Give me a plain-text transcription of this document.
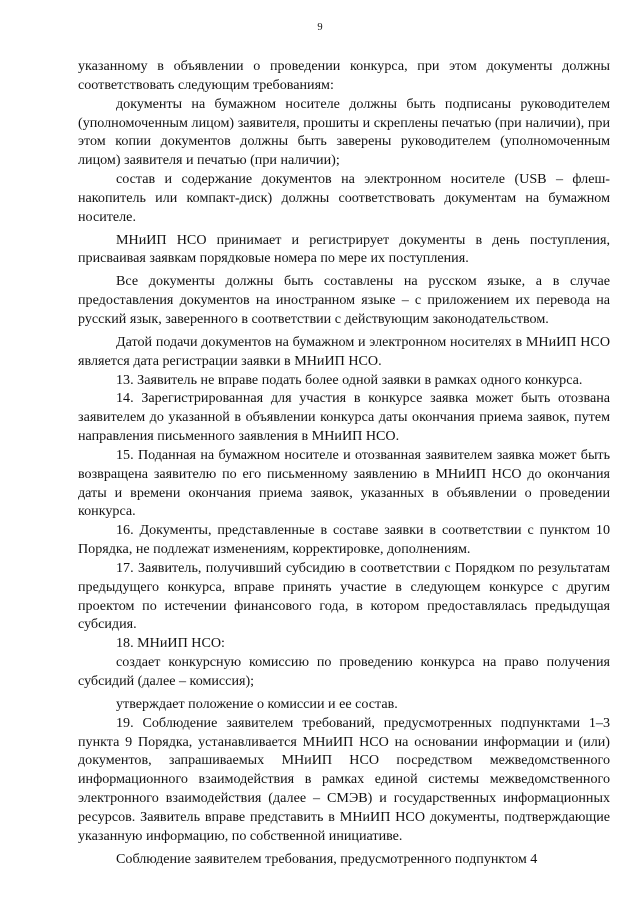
9

указанному в объявлении о проведении конкурса, при этом документы должны соответствовать следующим требованиям:

документы на бумажном носителе должны быть подписаны руководителем (уполномоченным лицом) заявителя, прошиты и скреплены печатью (при наличии), при этом копии документов должны быть заверены руководителем (уполномоченным лицом) заявителя и печатью (при наличии);

состав и содержание документов на электронном носителе (USB – флеш-накопитель или компакт-диск) должны соответствовать документам на бумажном носителе.

МНиИП НСО принимает и регистрирует документы в день поступления, присваивая заявкам порядковые номера по мере их поступления.

Все документы должны быть составлены на русском языке, а в случае предоставления документов на иностранном языке – с приложением их перевода на русский язык, заверенного в соответствии с действующим законодательством.

Датой подачи документов на бумажном и электронном носителях в МНиИП НСО является дата регистрации заявки в МНиИП НСО.

13. Заявитель не вправе подать более одной заявки в рамках одного конкурса.

14. Зарегистрированная для участия в конкурсе заявка может быть отозвана заявителем до указанной в объявлении конкурса даты окончания приема заявок, путем направления письменного заявления в МНиИП НСО.

15. Поданная на бумажном носителе и отозванная заявителем заявка может быть возвращена заявителю по его письменному заявлению в МНиИП НСО до окончания даты и времени окончания приема заявок, указанных в объявлении о проведении конкурса.

16. Документы, представленные в составе заявки в соответствии с пунктом 10 Порядка, не подлежат изменениям, корректировке, дополнениям.

17. Заявитель, получивший субсидию в соответствии с Порядком по результатам предыдущего конкурса, вправе принять участие в следующем конкурсе с другим проектом по истечении финансового года, в котором предоставлялась предыдущая субсидия.

18. МНиИП НСО:

создает конкурсную комиссию по проведению конкурса на право получения субсидий (далее – комиссия);

утверждает положение о комиссии и ее состав.

19. Соблюдение заявителем требований, предусмотренных подпунктами 1–3 пункта 9 Порядка, устанавливается МНиИП НСО на основании информации и (или) документов, запрашиваемых МНиИП НСО посредством межведомственного информационного взаимодействия в рамках единой системы межведомственного электронного взаимодействия (далее – СМЭВ) и государственных информационных ресурсов. Заявитель вправе представить в МНиИП НСО документы, подтверждающие указанную информацию, по собственной инициативе.

Соблюдение заявителем требования, предусмотренного подпунктом 4
